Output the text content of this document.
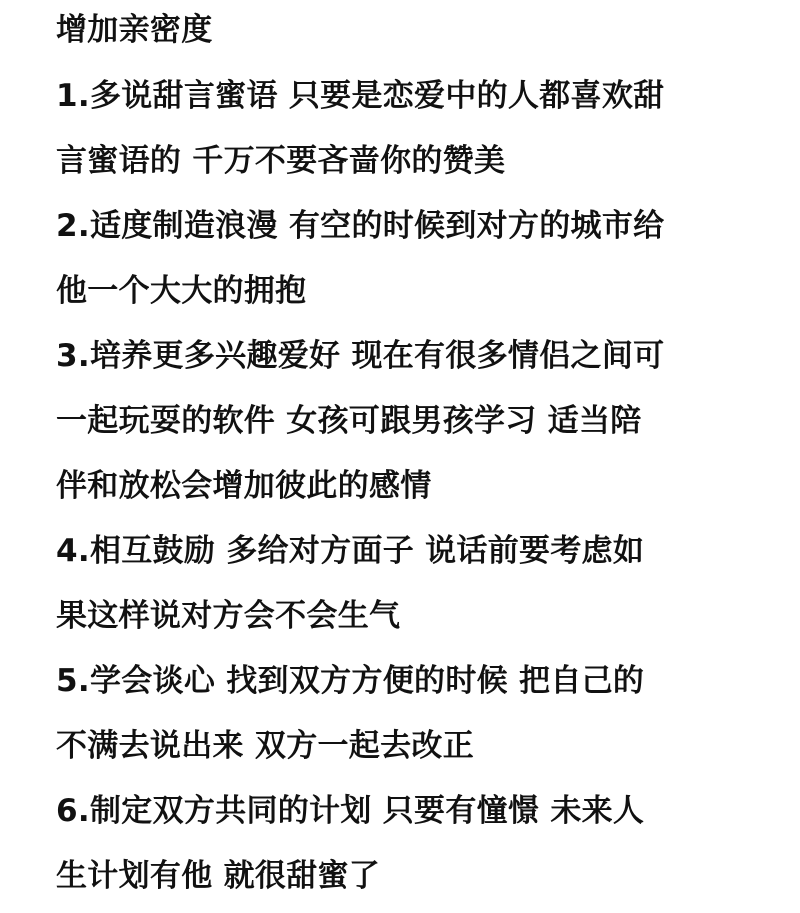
增加亲密度
1.多说甜言蜜语 只要是恋爱中的人都喜欢甜
言蜜语的 千万不要吝啬你的赞美
2.适度制造浪漫 有空的时候到对方的城市给
他一个大大的拥抱
3.培养更多兴趣爱好 现在有很多情侣之间可
一起玩耍的软件 女孩可跟男孩学习 适当陪
伴和放松会增加彼此的感情
4.相互鼓励 多给对方面子 说话前要考虑如
果这样说对方会不会生气
5.学会谈心 找到双方方便的时候 把自己的
不满去说出来 双方一起去改正
6.制定双方共同的计划 只要有憧憬 未来人
生计划有他 就很甜蜜了
